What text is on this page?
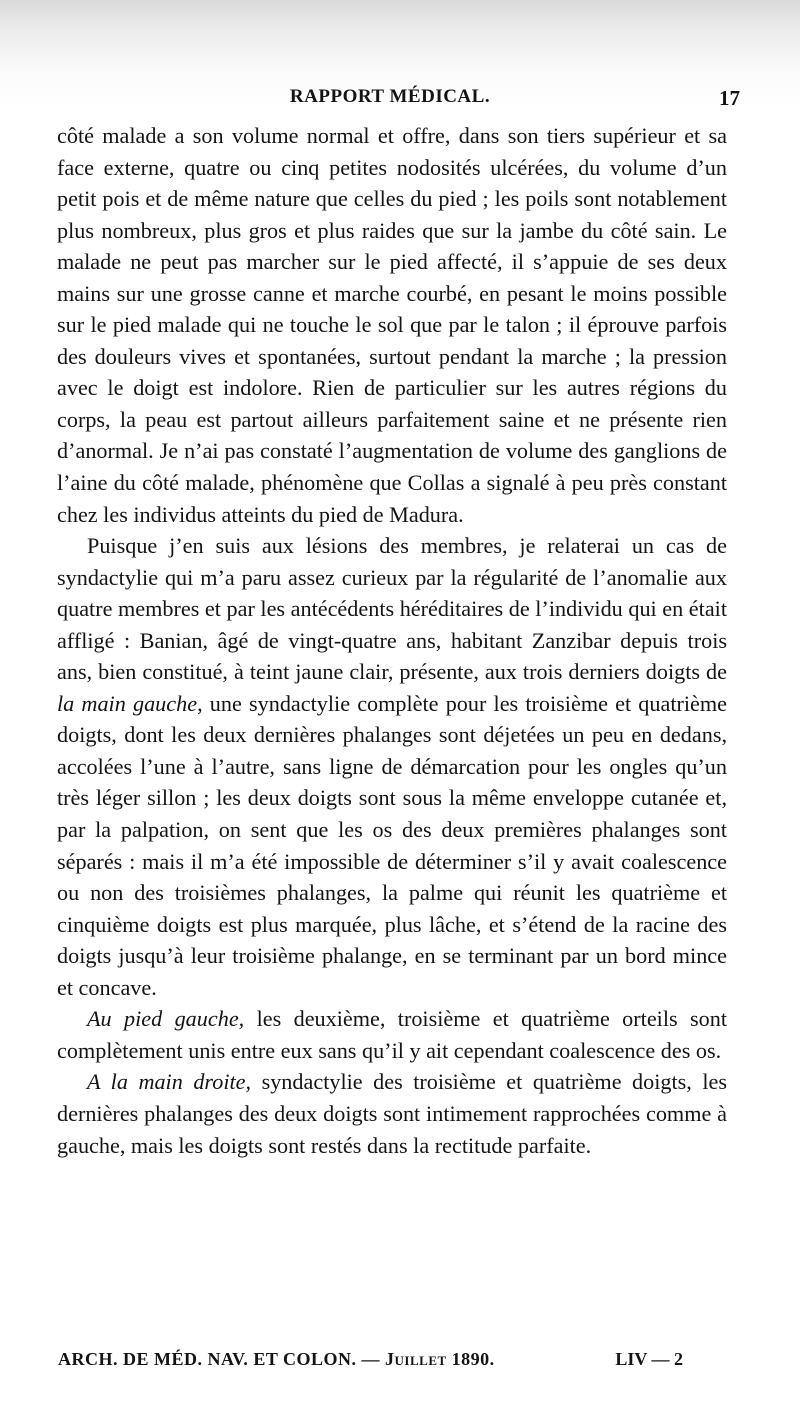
RAPPORT MÉDICAL.	17

côté malade a son volume normal et offre, dans son tiers supérieur et sa face externe, quatre ou cinq petites nodosités ulcérées, du volume d’un petit pois et de même nature que celles du pied ; les poils sont notablement plus nombreux, plus gros et plus raides que sur la jambe du côté sain. Le malade ne peut pas marcher sur le pied affecté, il s’appuie de ses deux mains sur une grosse canne et marche courbé, en pesant le moins possible sur le pied malade qui ne touche le sol que par le talon ; il éprouve parfois des douleurs vives et spontanées, surtout pendant la marche ; la pression avec le doigt est indolore. Rien de particulier sur les autres régions du corps, la peau est partout ailleurs parfaitement saine et ne présente rien d’anormal. Je n’ai pas constaté l’augmentation de volume des ganglions de l’aine du côté malade, phénomène que Collas a signalé à peu près constant chez les individus atteints du pied de Madura.

Puisque j’en suis aux lésions des membres, je relaterai un cas de syndactylie qui m’a paru assez curieux par la régularité de l’anomalie aux quatre membres et par les antécédents héréditaires de l’individu qui en était affligé : Banian, âgé de vingt-quatre ans, habitant Zanzibar depuis trois ans, bien constitué, à teint jaune clair, présente, aux trois derniers doigts de la main gauche, une syndactylie complète pour les troisième et quatrième doigts, dont les deux dernières phalanges sont déjetées un peu en dedans, accolées l’une à l’autre, sans ligne de démarcation pour les ongles qu’un très léger sillon ; les deux doigts sont sous la même enveloppe cutanée et, par la palpation, on sent que les os des deux premières phalanges sont séparés : mais il m’a été impossible de déterminer s’il y avait coalescence ou non des troisièmes phalanges, la palme qui réunit les quatrième et cinquième doigts est plus marquée, plus lâche, et s’étend de la racine des doigts jusqu’à leur troisième phalange, en se terminant par un bord mince et concave.

Au pied gauche, les deuxième, troisième et quatrième orteils sont complètement unis entre eux sans qu’il y ait cependant coalescence des os.

A la main droite, syndactylie des troisième et quatrième doigts, les dernières phalanges des deux doigts sont intimement rapprochées comme à gauche, mais les doigts sont restés dans la rectitude parfaite.

ARCH. DE MÉD. NAV. ET COLON. — Juillet 1890.	LIV — 2
